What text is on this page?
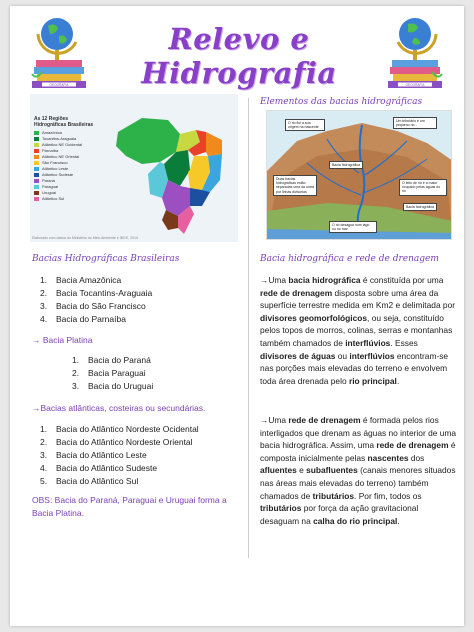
GEOGRAFIA
Relevo e Hidrografia	GEOGRAFIA
As 12 Regiões Hidrográficas Brasileiras
Amazônica
Tocantins-Araguaia
Atlântico NE Ocidental
Parnaíba
Atlântico NE Oriental
São Francisco
Atlântico Leste
Atlântico Sudeste
Paraná
Paraguai
Uruguai
Atlântico Sul
Elaborado com dados do Ministério do Meio Ambiente e IBGE, 2014
Elementos das bacias hidrográficas
O rio flui a sua origem na nascente
Um tributário é um pequeno rio...
Bacia hidrográfica
Duas bacias hidrográficas estão separadas uma da outra por linhas divisórias
O leito de rio é a maior ocupado pelas águas do rio
Bacia hidrográfica
O rio deságua num lago ou no mar
Bacias Hidrográficas Brasileiras
1.	Bacia Amazônica
2.	Bacia Tocantins-Araguaia
3.	Bacia do São Francisco
4.	Bacia do Parnaíba
→ Bacia Platina
1.	Bacia do Paraná
2.	Bacia Paraguai
3.	Bacia do Uruguai
→Bacias atlânticas, costeiras ou secundárias.
1.	Bacia do Atlântico Nordeste Ocidental
2.	Bacia do Atlântico Nordeste Oriental
3.	Bacia do Atlântico Leste
4.	Bacia do Atlântico Sudeste
5.	Bacia do Atlântico Sul
OBS: Bacia do Paraná, Paraguai e Uruguai forma a Bacia Platina.
Bacia hidrográfica e rede de drenagem
→Uma bacia hidrográfica é constituída por uma rede de drenagem disposta sobre uma área da superfície terrestre medida em Km2 e delimitada por divisores geomorfológicos, ou seja, constituído pelos topos de morros, colinas, serras e montanhas também chamados de interflúvios. Esses divisores de águas ou interflúvios encontram-se nas porções mais elevadas do terreno e envolvem toda área drenada pelo rio principal.
→Uma rede de drenagem é formada pelos rios interligados que drenam as águas no interior de uma bacia hidrográfica. Assim, uma rede de drenagem é composta inicialmente pelas nascentes dos afluentes e subafluentes (canais menores situados nas áreas mais elevadas do terreno) também chamados de tributários. Por fim, todos os tributários por força da ação gravitacional desaguam na calha do rio principal.
